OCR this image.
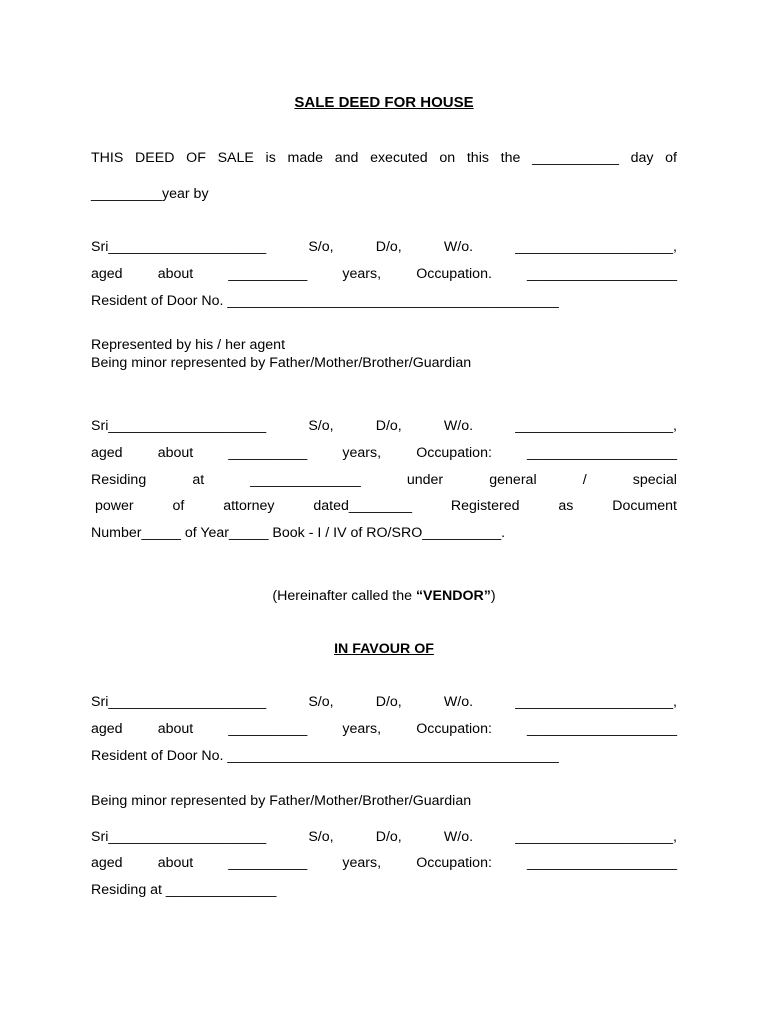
SALE DEED FOR HOUSE
THIS DEED OF SALE is made and executed on this the ___________ day of
_________year by
Sri____________________	S/o,	D/o,	W/o.	____________________,
aged about __________ years, Occupation. ___________________
Resident of Door No. __________________________________________
Represented by his / her agent
Being minor represented by Father/Mother/Brother/Guardian
Sri____________________	S/o,	D/o,	W/o.	____________________,
aged about __________ years, Occupation: ___________________
Residing	at	______________	under	general	/	special
power	of	attorney	dated________	Registered	as	Document
Number_____ of Year_____ Book - I / IV of RO/SRO__________.
(Hereinafter called the “VENDOR”)
IN FAVOUR OF
Sri____________________	S/o,	D/o,	W/o.	____________________,
aged about __________ years, Occupation: ___________________
Resident of Door No. __________________________________________
Being minor represented by Father/Mother/Brother/Guardian
Sri____________________	S/o,	D/o,	W/o.	____________________,
aged about __________ years, Occupation: ___________________
Residing at ______________
